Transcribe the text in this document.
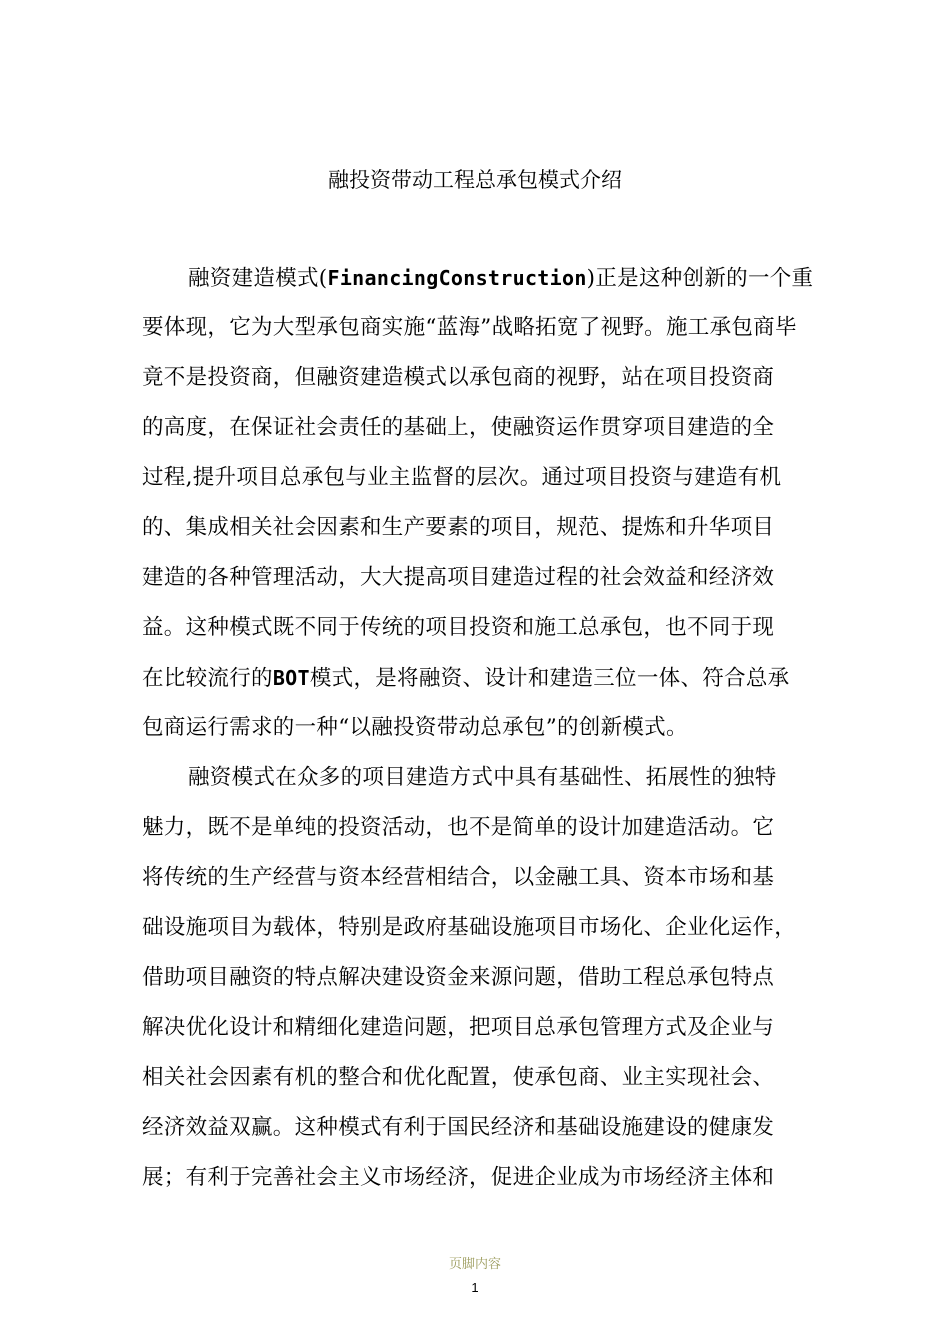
融投资带动工程总承包模式介绍
融资建造模式(FinancingConstruction)正是这种创新的一个重
要体现，它为大型承包商实施“蓝海”战略拓宽了视野。施工承包商毕
竟不是投资商，但融资建造模式以承包商的视野，站在项目投资商
的高度，在保证社会责任的基础上，使融资运作贯穿项目建造的全
过程,提升项目总承包与业主监督的层次。通过项目投资与建造有机
的、集成相关社会因素和生产要素的项目，规范、提炼和升华项目
建造的各种管理活动，大大提高项目建造过程的社会效益和经济效
益。这种模式既不同于传统的项目投资和施工总承包，也不同于现
在比较流行的BOT模式，是将融资、设计和建造三位一体、符合总承
包商运行需求的一种“以融投资带动总承包”的创新模式。
融资模式在众多的项目建造方式中具有基础性、拓展性的独特
魅力，既不是单纯的投资活动，也不是简单的设计加建造活动。它
将传统的生产经营与资本经营相结合，以金融工具、资本市场和基
础设施项目为载体，特别是政府基础设施项目市场化、企业化运作，
借助项目融资的特点解决建设资金来源问题，借助工程总承包特点
解决优化设计和精细化建造问题，把项目总承包管理方式及企业与
相关社会因素有机的整合和优化配置，使承包商、业主实现社会、
经济效益双赢。这种模式有利于国民经济和基础设施建设的健康发
展；有利于完善社会主义市场经济，促进企业成为市场经济主体和
页脚内容
1
